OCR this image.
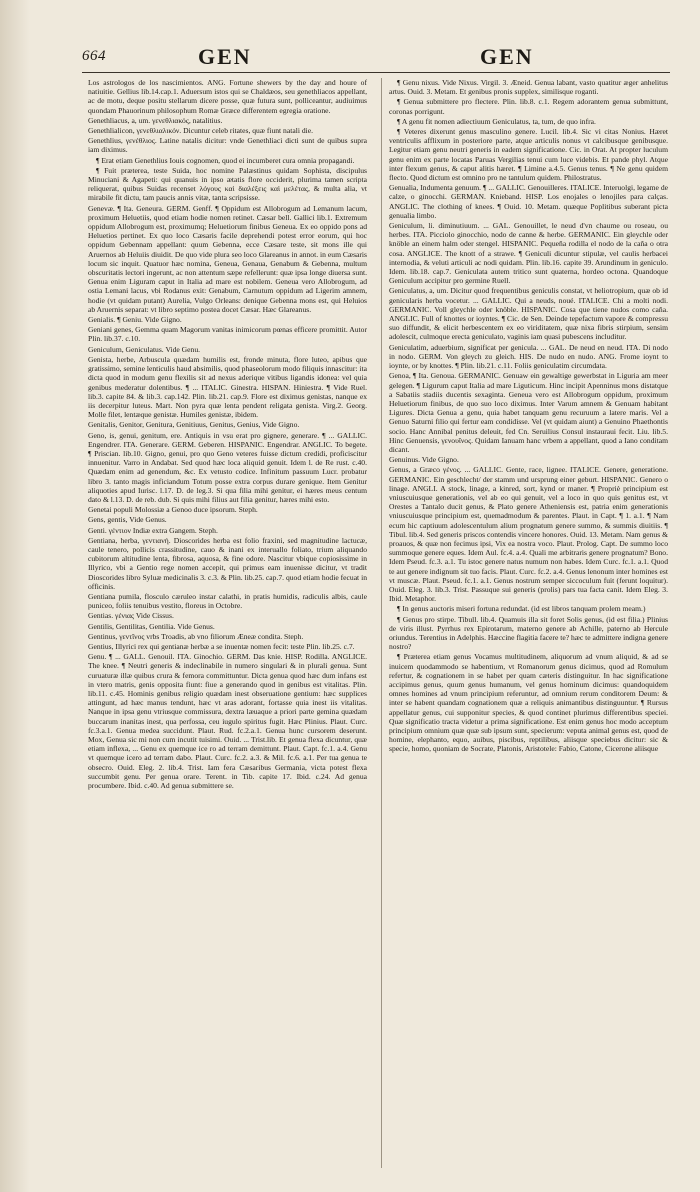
664	GEN	GEN

Los astrologos de los nascimientos. ANG. Fortune shewers by the day and houre of natiuitie. Gellius lib.14.cap.1. Aduersum istos qui se Chaldæos, seu genethliacos appellant, ac de motu, deque positu stellarum dicere posse, quæ futura sunt, polliceantur, audiuimus quondam Phauorinum philosophum Romæ Græce differentem egregia oratione.

Genethliacus, a, um. γενεθλιακός, natalitius.

Genethlialicon, γενεθλιαλικόν. Dicuntur celeb ritates, quæ fiunt natali die.

Genethlius, γενέθλιος. Latine natalis dicitur: vnde Genethliaci dicti sunt de quibus supra iam diximus.

¶ Erat etiam Genethlius Iouis cognomen, quod ei incumberet cura omnia propagandi.

¶ Fuit præterea, teste Suida, hoc nomine Palæstinus quidam Sophista, discipulus Minuciani & Agapeti: qui quanuis in ipso ætatis flore occiderit, plurima tamen scripta reliquerat, quibus Suidas recenset λόγους καὶ διαλέξεις καὶ μελέτας, & multa alia, vt mirabile fit dictu, tam paucis annis vitæ, tanta scripsisse.

Genevæ. ¶ Ita. Geneura. GERM. Genff. ¶ Oppidum est Allobrogum ad Lemanum lacum, proximum Heluetiis, quod etiam hodie nomen retinet. Cæsar bell. Gallici lib.1. Extremum oppidum Allobrogum est, proximumq; Heluetiorum finibus Geneua. Ex eo oppido pons ad Heluetios pertinet. Ex quo loco Cæsaris facile deprehendi potest error eorum, qui hoc oppidum Gebennam appellant: quum Gebenna, ecce Cæsare teste, sit mons ille qui Aruernos ab Heluiis diuidit. De quo vide plura seo loco Glareanus in annot. in eum Cæsaris locum sic inquit. Quatuor hæc nomina, Geneua, Genaua, Genabum & Gebenna, multum obscuritatis lectori ingerunt, ac non attentum sæpe refellerunt: quæ ipsa longe diuersa sunt. Genua enim Liguram caput in Italia ad mare est nobilem. Geneua vero Allobrogum, ad ostia Lemani lacus, vbi Rodanus exit: Genabum, Carnutum oppidum ad Ligerim amnem, hodie (vt quidam putant) Aurelia, Vulgo Orleans: denique Gebenna mons est, qui Heluios ab Aruernis separat: vt libro septimo postea docet Cæsar. Hæc Glareanus.

Genialis. ¶ Geniu. Vide Gigno.

Geniani genes, Gemma quam Magorum vanitas inimicorum pœnas efficere promittit. Autor Plin. lib.37. c.10.

Geniculum, Geniculatus. Vide Genu.

Genista, herbe, Arbuscula quædam humilis est, fronde minuta, flore luteo, apibus que gratissimo, semine lenticulis haud absimilis, quod phaseolorum modo filiquis innascitur: ita dicta quod in modum genu flexilis sit ad nexus aderique vitibus ligandis idonea: vel quia genibus mederatur dolentibus. ¶ ... ITALIC. Ginestra. HISPAN. Hiniestra. ¶ Vide Ruel. lib.3. capite 84. & lib.3. cap.142. Plin. lib.21. cap.9. Flore est diximus genistas, nanque ex iis decerpitur luteus. Mart. Non pyra quæ lenta pendent religata genista. Virg.2. Georg. Molle filet, lentæque genistæ. Humiles genistæ, ibidem.

Genitalis, Genitor, Genitura, Genitiuus, Genitus, Genius, Vide Gigno.

Geno, is, genui, genitum, ere. Antiquis in vsu erat pro gignere, generare. ¶ ... GALLIC. Engendrer. ITA. Generare. GERM. Geberen. HISPANIC. Engendrar. ANGLIC. To begete. ¶ Priscian. lib.10. Gigno, genui, pro quo Geno veteres fuisse dictum credidi, proficiscitur innuenitur. Varro in Andabat. Sed quod hæc loca aliquid genuit. Idem l. de Re rust. c.40. Quædam enim ad genendum, &c. Ex vetusto codice. Infinitum passuum Lucr. probatur libro 3. tanto magis inficiandum Totum posse extra corpus durare genique. Item Genitur aliquoties apud Iurisc. l.17. D. de leg.3. Si qua filia mihi genitur, ei hæres meus centum dato & l.13. D. de reb. dub. Si quis mihi filius aut filia genitur, hæres mihi esto.

Genetai populi Molossiæ a Genoo duce ipsorum. Steph.

Gens, gentis, Vide Genus.

Genti. γέντιον Indiæ extra Gangem. Steph.

Gentiana, herba, γεντιανή. Dioscorides herba est folio fraxini, sed magnitudine lactucæ, caule tenero, pollicis crassitudine, cauo & inani ex interuallo foliato, trium aliquando cubitorum altitudine lenta, fibrosa, aquosa, & fine odore. Nascitur vbique copiosissime in Illyrico, vbi a Gentio rege nomen accepit, qui primus eam inuenisse dicitur, vt tradit Dioscorides libro Syluæ medicinalis 3. c.3. & Plin. lib.25. cap.7. quod etiam hodie fecuat in officinis.

Gentiana pumila, flosculo cæruleo instar calathi, in pratis humidis, radiculis albis, caule puniceo, foliis tenuibus vestito, floreus in Octobre.

Gentias. γένιας Vide Cissus.

Gentilis, Gentilitas, Gentilia. Vide Genus.

Gentinus, γεντῖνος vrbs Troadis, ab vno filiorum Æneæ condita. Steph.

Gentius, Illyrici rex qui gentianæ herbæ a se inuentæ nomen fecit: teste Plin. lib.25. c.7.

Genu. ¶ ... GALL. Genouil. ITA. Ginochio. GERM. Das knie. HISP. Rodilla. ANGLICE. The knee. ¶ Neutri generis & indeclinabile in numero singulari & in plurali genua. Sunt curuaturæ illæ quibus crura & femora committuntur. Dicta genua quod hæc dum infans est in vtero matris, genis opposita fiunt: fiue a generando quod in genibus est vitalitas. Plin. lib.11. c.45. Hominis genibus religio quædam inest obseruatione gentium: hæc supplices attingunt, ad hæc manus tendunt, hæc vt aras adorant, fortasse quia inest iis vitalitas. Nanque in ipsa genu vtriusque commissura, dextra læuaque a priori parte gemina quædam buccarum inanitas inest, qua perfossa, ceu iugulo spiritus fugit. Hæc Plinius. Plaut. Curc. fc.3.a.1. Genua medea succidunt. Plaut. Rud. fc.2.a.1. Genua hunc cursorem deserunt. Mox, Genua sic mi non cum incutit tuisimi. Ouid. ... Trist.lib. Et genua flexa dicuntur, quæ etiam inflexa, ... Genu ex quemque ice ro ad terram demittunt. Plaut. Capt. fc.1. a.4. Genu vt quemque icero ad terram dabo. Plaut. Curc. fc.2. a.3. & Mil. fc.6. a.1. Per tua genua te obsecro. Ouid. Eleg. 2. lib.4. Trist. Iam fera Cæsaribus Germania, victa potest flexa succumbit genu. Per genua orare. Terent. in Tib. capite 17. Ibid. c.24. Ad genua procumbere. Ibid. c.40. Ad genua submittere se.

¶ Genu nixus. Vide Nixus. Virgil. 3. Æneid. Genua labant, vasto quatitur æger anhelitus artus. Ouid. 3. Metam. Et genibus pronis supplex, similisque roganti.

¶ Genua submittere pro flectere. Plin. lib.8. c.1. Regem adorantem genua submittunt, coronas porrigunt.

¶ A genu fit nomen adiectiuum Geniculatus, ta, tum, de quo infra.

¶ Veteres dixerunt genus masculino genere. Lucil. lib.4. Sic vi citas Nonius. Hæret ventriculis afflixum in posteriore parte, atque articulis nonus vt calcibusque genibusque. Legitur etiam genu neutri generis in eadem significatione. Cic. in Orat. At propter luculum genu enim ex parte locatas Paruas Vergilias tenui cum luce videbis. Et pande phyl. Atque inter flexum genus, & caput alitis hæret. ¶ Limine a.4.5. Genus tenus. ¶ Ne genu quidem flecto. Quod dictum est omnino pro ne tantulum quidem. Philostratus.

Genualia, Indumenta genuum. ¶ ... GALLIC. Genouilleres. ITALICE. Interuolgi, legame de calze, o ginocchi. GERMAN. Knieband. HISP. Los enojales o lenojiles para calças. ANGLIC. The clothing of knees. ¶ Ouid. 10. Metam. quæque Poplitibus suberant picta genualia limbo.

Geniculum, li. diminutiuum. ... GAL. Genouillet, le neud d'vn chaume ou roseau, ou herbes. ITA. Picciolo ginocchio, nodo de canne & herbe. GERMANIC. Ein gleychle oder knöble an einem halm oder stengel. HISPANIC. Pequeña rodilla el nodo de la caña o otra cosa. ANGLICE. The knott of a strawe. ¶ Geniculi dicuntur stipulæ, vel caulis herbacei internodia, & veluti articuli ac nodi quidam. Plin. lib.16. capite 39. Arundinum in geniculo. Idem. lib.18. cap.7. Geniculata autem tritico sunt quaterna, hordeo octona. Quandoque Geniculum accipitur pro germine Ruell.

Geniculatus, a, um. Dicitur quod frequentibus geniculis constat, vt heliotropium, quæ ob id genicularis herba vocetur. ... GALLIC. Qui a neuds, noué. ITALICE. Chi a molti nodi. GERMANIC. Voll gleychle oder knöble. HISPANIC. Cosa que tiene nudos como caña. ANGLIC. Full of knottes or ioyntes. ¶ Cic. de Sen. Deinde tepefactum vapore & compressu suo diffundit, & elicit herbescentem ex eo viriditatem, quæ nixa fibris stirpium, sensim adolescit, culmoque erecta geniculato, vaginis iam quasi pubescens includitur.

Geniculatim, aduerbium, significat per genicula. ... GAL. De neud en neud. ITA. Di nodo in nodo. GERM. Von gleych zu gleich. HIS. De nudo en nudo. ANG. Frome ioynt to ioynte, or by knottes. ¶ Plin. lib.21. c.11. Foliis geniculatim circumdata.

Genoa, ¶ Ita. Genoua. GERMANIC. Genuaw ein gewaltige gewerbstat in Liguria am meer gelegen. ¶ Ligurum caput Italia ad mare Liguticum. Hinc incipit Apenninus mons distatque a Sabatiis stadiis ducentis sexaginta. Geneua vero est Allobrogum oppidum, proximum Heluetiorum finibus, de quo suo loco diximus. Inter Varum amnem & Genuam habitant Ligures. Dicta Genua a genu, quia habet tanquam genu recuruum a latere maris. Vel a Genuo Saturni filio qui fertur eam condidisse. Vel (vt quidam aiunt) a Genuino Phaethontis socio. Hanc Annibal penitus deleuit, fed Cn. Seruilius Consul instauraui fecit. Liu. lib.5. Hinc Genuensis, γενουῖνος. Quidam Ianuam hanc vrbem a appellant, quod a Iano conditam dicant.

Genuinus. Vide Gigno.

Genus, a Græco γένος. ... GALLIC. Gente, race, lignee. ITALICE. Genere, generatione. GERMANIC. Ein geschlecht/ der stamm und ursprung einer geburt. HISPANIC. Genero o linage. ANGLI. A stock, linage, a kinred, sort, kynd or maner. ¶ Propriè principium est vniuscuiusque generationis, vel ab eo qui genuit, vel a loco in quo quis genitus est, vt Orestes a Tantalo ducit genus, & Plato genere Atheniensis est, patria enim generationis vniuscuiusque principium est, quemadmodum & parentes. Plaut. in Capt. ¶ 1. a.1. ¶ Nam ecum hic captiuum adolescentulum alium prognatum genere summo, & summis diuitiis. ¶ Tibul. lib.4. Sed generis priscos contendis vincere honores. Ouid. 13. Metam. Nam genus & proauos, & quæ non fecimus ipsi, Vix ea nostra voco. Plaut. Prolog. Capt. De summo loco summoque genere eques. Idem Aul. fc.4. a.4. Quali me arbitraris genere prognatum? Bono. Idem Pseud. fc.3. a.1. Tu istoc genere natus numum non habes. Idem Curc. fc.1. a.1. Quod te aut genere indignum sit tuo facis. Plaut. Curc. fc.2. a.4. Genus lenonum inter homines est vt muscæ. Plaut. Pseud. fc.1. a.1. Genus nostrum semper siccoculum fuit (ferunt loquitur). Ouid. Eleg. 3. lib.3. Trist. Passuque sui generis (prolis) pars tua facta canit. Idem Eleg. 3. Ibid. Metaphor.

¶ In genus auctoris miseri fortuna redundat. (id est libros tanquam prolem meam.)

¶ Genus pro stirpe. Tibull. lib.4. Quamuis illa sit foret Solis genus, (id est filia.) Plinius de viris illust. Pyrrhus rex Epirotarum, materno genere ab Achille, paterno ab Hercule oriundus. Terentius in Adelphis. Hæccine flagitia facere te? hæc te admittere indigna genere nostro?

¶ Præterea etiam genus Vocamus multitudinem, aliquorum ad vnum aliquid, & ad se inuicem quodammodo se habentium, vt Romanorum genus dicimus, quod ad Romulum refertur, & cognationem in se habet per quam cæteris distinguitur. In hac significatione accipimus genus, quum genus humanum, vel genus hominum dicimus: quandoquidem omnes homines ad vnum principium referuntur, ad omnium rerum conditorem Deum: & inter se habent quandam cognationem quæ a reliquis animantibus distinguuntur. ¶ Rursus appellatur genus, cui supponitur species, & quod continet plurimus differentibus speciei. Quæ significatio tracta videtur a prima significatione. Est enim genus hoc modo acceptum principium omnium quæ quæ sub ipsum sunt, specierum: veputa animal genus est, quod de homine, elephanto, equo, auibus, piscibus, reptilibus, aliisque speciebus dicitur: sic & specie, homo, quoniam de Socrate, Platonis, Aristotele: Fabio, Catone, Cicerone aliisque
